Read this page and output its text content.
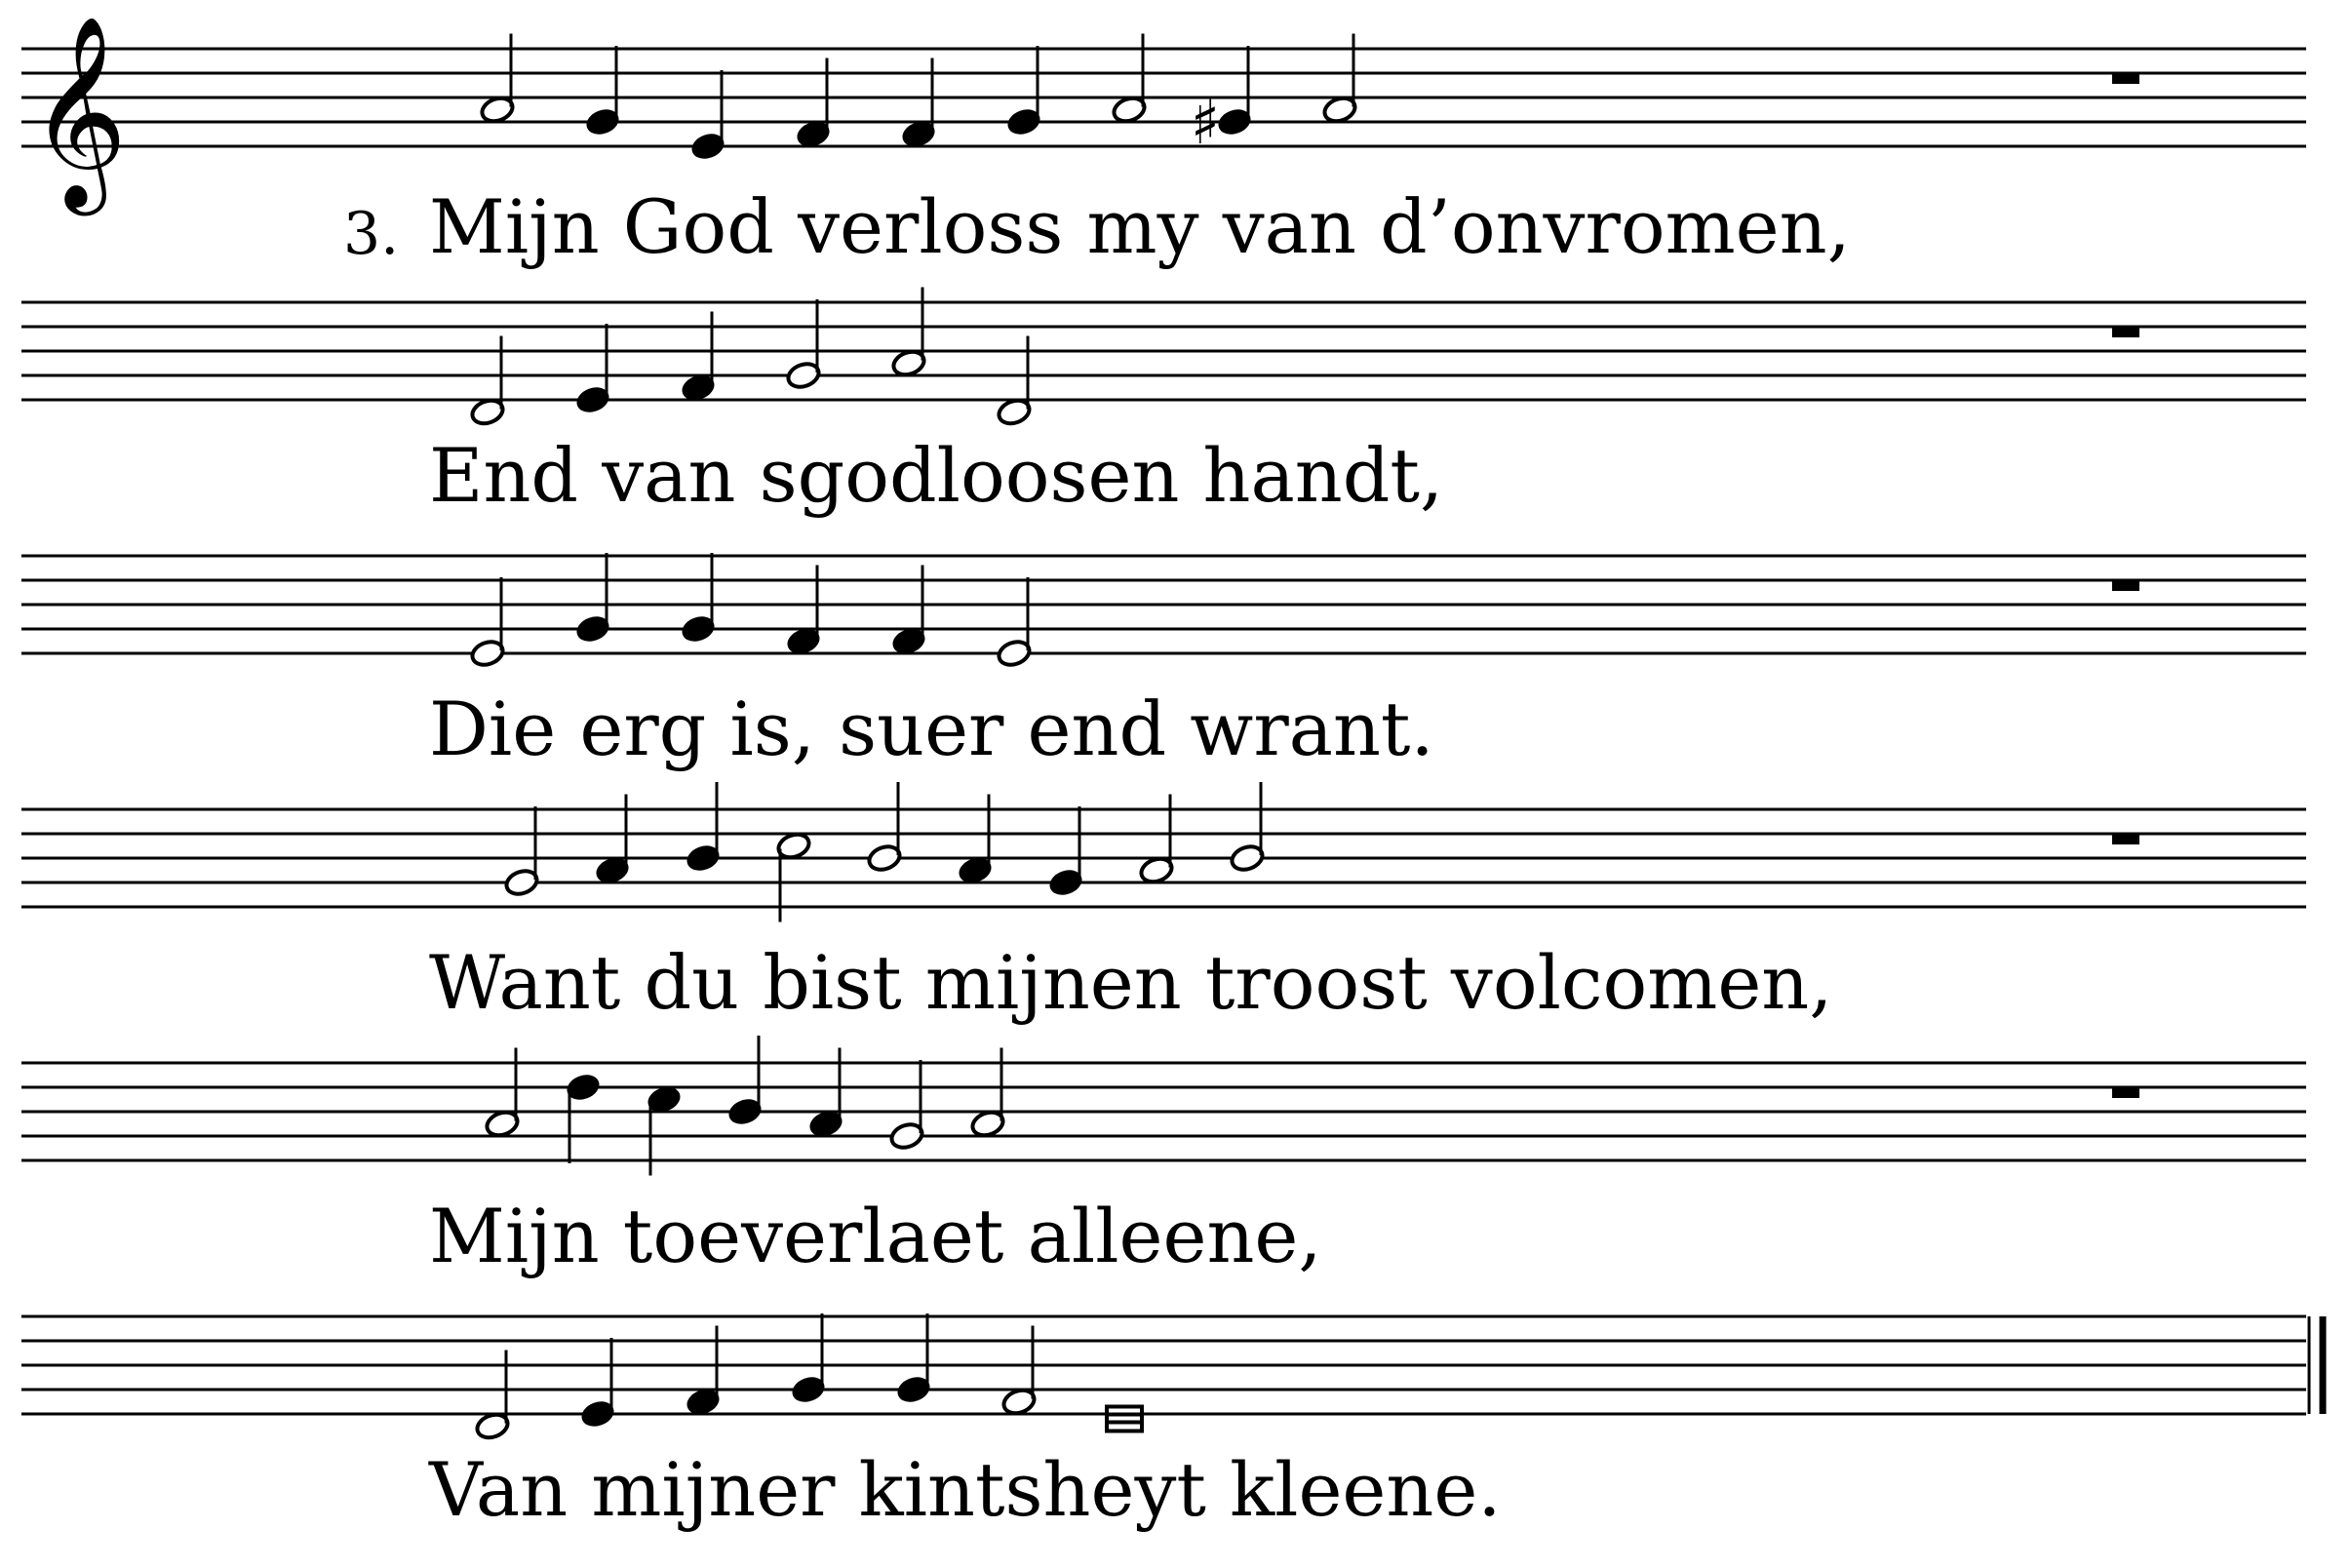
𝄞	♯
3. Mijn God verloss my van d’onvromen,
End van sgodloosen handt,
Die erg is, suer end wrant.
Want du bist mijnen troost volcomen,
Mijn toeverlaet alleene,
Van mijner kintsheyt kleene.
